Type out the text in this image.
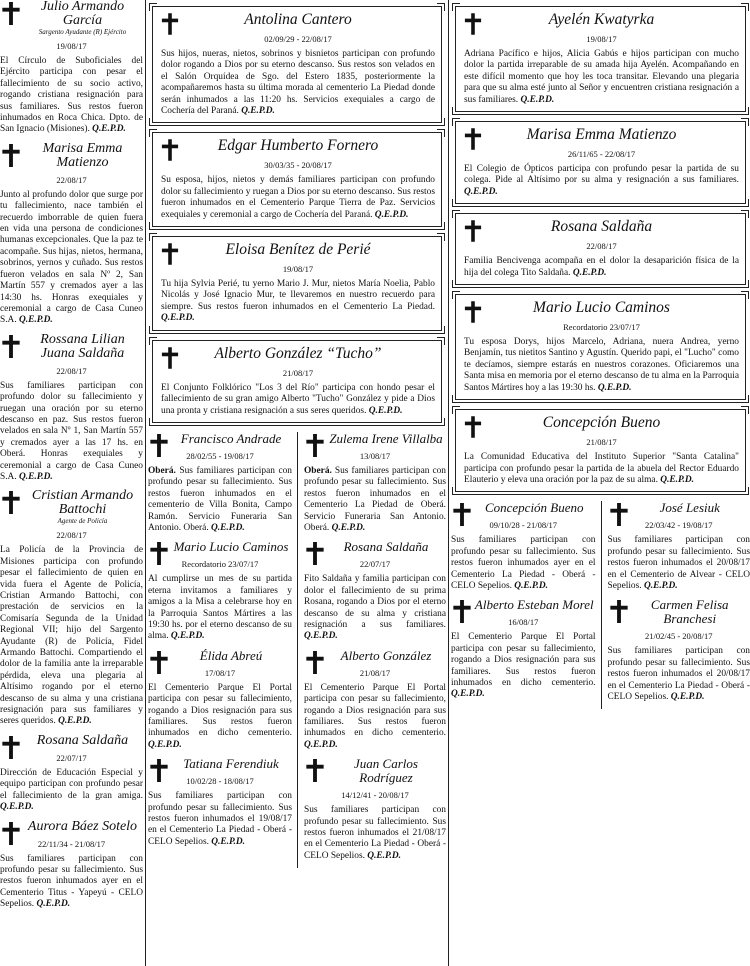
Julio Armando García
Sargento Ayudante (R) Ejército
19/08/17
El Círculo de Suboficiales del Ejército participa con pesar el fallecimiento de su socio activo, rogando cristiana resignación para sus familiares. Sus restos fueron inhumados en Roca Chica. Dpto. de San Ignacio (Misiones). Q.E.P.D.
Marisa Emma Matienzo
22/08/17
Junto al profundo dolor que surge por tu fallecimiento, nace también el recuerdo imborrable de quien fuera en vida una persona de condiciones humanas excepcionales. Que la paz te acompañe. Sus hijas, nietos, hermana, sobrinos, yernos y cuñado. Sus restos fueron velados en sala Nº 2, San Martín 557 y cremados ayer a las 14:30 hs. Honras exequiales y ceremonial a cargo de Casa Cuneo S.A. Q.E.P.D.
Rossana Lilian Juana Saldaña
22/08/17
Sus familiares participan con profundo dolor su fallecimiento y ruegan una oración por su eterno descanso en paz. Sus restos fueron velados en sala Nº 1, San Martín 557 y cremados ayer a las 17 hs. en Oberá. Honras exequiales y ceremonial a cargo de Casa Cuneo S.A. Q.E.P.D.
Cristian Armando Battochi
Agente de Policía
22/08/17
La Policía de la Provincia de Misiones participa con profundo pesar el fallecimiento de quien en vida fuera el Agente de Policía, Cristian Armando Battochi, con prestación de servicios en la Comisaría Segunda de la Unidad Regional VII; hijo del Sargento Ayudante (R) de Policía, Fidel Armando Battochi. Compartiendo el dolor de la familia ante la irreparable pérdida, eleva una plegaria al Altísimo rogando por el eterno descanso de su alma y una cristiana resignación para sus familiares y seres queridos. Q.E.P.D.
Rosana Saldaña
22/07/17
Dirección de Educación Especial y equipo participan con profundo pesar el fallecimiento de la gran amiga. Q.E.P.D.
Aurora Báez Sotelo
22/11/34 - 21/08/17
Sus familiares participan con profundo pesar su fallecimiento. Sus restos fueron inhumados ayer en el Cementerio Titus - Yapeyú - CELO Sepelios. Q.E.P.D.
Antolina Cantero
02/09/29 - 22/08/17
Sus hijos, nueras, nietos, sobrinos y bisnietos participan con profundo dolor rogando a Dios por su eterno descanso. Sus restos son velados en el Salón Orquídea de Sgo. del Estero 1835, posteriormente la acompañaremos hasta su última morada al cementerio La Piedad donde serán inhumados a las 11:20 hs. Servicios exequiales a cargo de Cochería del Paraná. Q.E.P.D.
Edgar Humberto Fornero
30/03/35 - 20/08/17
Su esposa, hijos, nietos y demás familiares participan con profundo dolor su fallecimiento y ruegan a Dios por su eterno descanso. Sus restos fueron inhumados en el Cementerio Parque Tierra de Paz. Servicios exequiales y ceremonial a cargo de Cochería del Paraná. Q.E.P.D.
Eloisa Benítez de Perié
19/08/17
Tu hija Sylvia Perié, tu yerno Mario J. Mur, nietos María Noelia, Pablo Nicolás y José Ignacio Mur, te llevaremos en nuestro recuerdo para siempre. Sus restos fueron inhumados en el Cementerio La Piedad. Q.E.P.D.
Alberto González “Tucho”
21/08/17
El Conjunto Folklórico "Los 3 del Río" participa con hondo pesar el fallecimiento de su gran amigo Alberto "Tucho" González y pide a Dios una pronta y cristiana resignación a sus seres queridos. Q.E.P.D.
Francisco Andrade
28/02/55 - 19/08/17
Oberá. Sus familiares participan con profundo pesar su fallecimiento. Sus restos fueron inhumados en el cementerio de Villa Bonita, Campo Ramón. Servicio Funeraria San Antonio. Oberá. Q.E.P.D.
Mario Lucio Caminos
Recordatorio 23/07/17
Al cumplirse un mes de su partida eterna invitamos a familiares y amigos a la Misa a celebrarse hoy en la Parroquia Santos Mártires a las 19:30 hs. por el eterno descanso de su alma. Q.E.P.D.
Élida Abreú
17/08/17
El Cementerio Parque El Portal participa con pesar su fallecimiento, rogando a Dios resignación para sus familiares. Sus restos fueron inhumados en dicho cementerio. Q.E.P.D.
Tatiana Ferendiuk
10/02/28 - 18/08/17
Sus familiares participan con profundo pesar su fallecimiento. Sus restos fueron inhumados el 19/08/17 en el Cementerio La Piedad - Oberá - CELO Sepelios. Q.E.P.D.
Zulema Irene Villalba
13/08/17
Oberá. Sus familiares participan con profundo pesar su fallecimiento. Sus restos fueron inhumados en el Cementerio La Piedad de Oberá. Servicio Funeraria San Antonio. Oberá. Q.E.P.D.
Rosana Saldaña
22/07/17
Fito Saldaña y familia participan con dolor el fallecimiento de su prima Rosana, rogando a Dios por el eterno descanso de su alma y cristiana resignación a sus familiares. Q.E.P.D.
Alberto González
21/08/17
El Cementerio Parque El Portal participa con pesar su fallecimiento, rogando a Dios resignación para sus familiares. Sus restos fueron inhumados en dicho cementerio. Q.E.P.D.
Juan Carlos Rodríguez
14/12/41 - 20/08/17
Sus familiares participan con profundo pesar su fallecimiento. Sus restos fueron inhumados el 21/08/17 en el Cementerio La Piedad - Oberá - CELO Sepelios. Q.E.P.D.
Ayelén Kwatyrka
19/08/17
Adriana Pacífico e hijos, Alicia Gabús e hijos participan con mucho dolor la partida irreparable de su amada hija Ayelén. Acompañando en este difícil momento que hoy les toca transitar. Elevando una plegaria para que su alma esté junto al Señor y encuentren cristiana resignación a sus familiares. Q.E.P.D.
Marisa Emma Matienzo
26/11/65 - 22/08/17
El Colegio de Ópticos participa con profundo pesar la partida de su colega. Pide al Altísimo por su alma y resignación a sus familiares. Q.E.P.D.
Rosana Saldaña
22/08/17
Familia Bencivenga acompaña en el dolor la desaparición física de la hija del colega Tito Saldaña. Q.E.P.D.
Mario Lucio Caminos
Recordatorio 23/07/17
Tu esposa Dorys, hijos Marcelo, Adriana, nuera Andrea, yerno Benjamín, tus nietitos Santino y Agustín. Querido papi, el "Lucho" como te decíamos, siempre estarás en nuestros corazones. Oficiaremos una Santa misa en memoria por el eterno descanso de tu alma en la Parroquia Santos Mártires hoy a las 19:30 hs. Q.E.P.D.
Concepción Bueno
21/08/17
La Comunidad Educativa del Instituto Superior "Santa Catalina" participa con profundo pesar la partida de la abuela del Rector Eduardo Elauterio y eleva una oración por la paz de su alma. Q.E.P.D.
Concepción Bueno
09/10/28 - 21/08/17
Sus familiares participan con profundo pesar su fallecimiento. Sus restos fueron inhumados ayer en el Cementerio La Piedad - Oberá - CELO Sepelios. Q.E.P.D.
Alberto Esteban Morel
16/08/17
El Cementerio Parque El Portal participa con pesar su fallecimiento, rogando a Dios resignación para sus familiares. Sus restos fueron inhumados en dicho cementerio. Q.E.P.D.
José Lesiuk
22/03/42 - 19/08/17
Sus familiares participan con profundo pesar su fallecimiento. Sus restos fueron inhumados el 20/08/17 en el Cementerio de Alvear - CELO Sepelios. Q.E.P.D.
Carmen Felisa Branchesi
21/02/45 - 20/08/17
Sus familiares participan con profundo pesar su fallecimiento. Sus restos fueron inhumados el 20/08/17 en el Cementerio La Piedad - Oberá - CELO Sepelios. Q.E.P.D.
